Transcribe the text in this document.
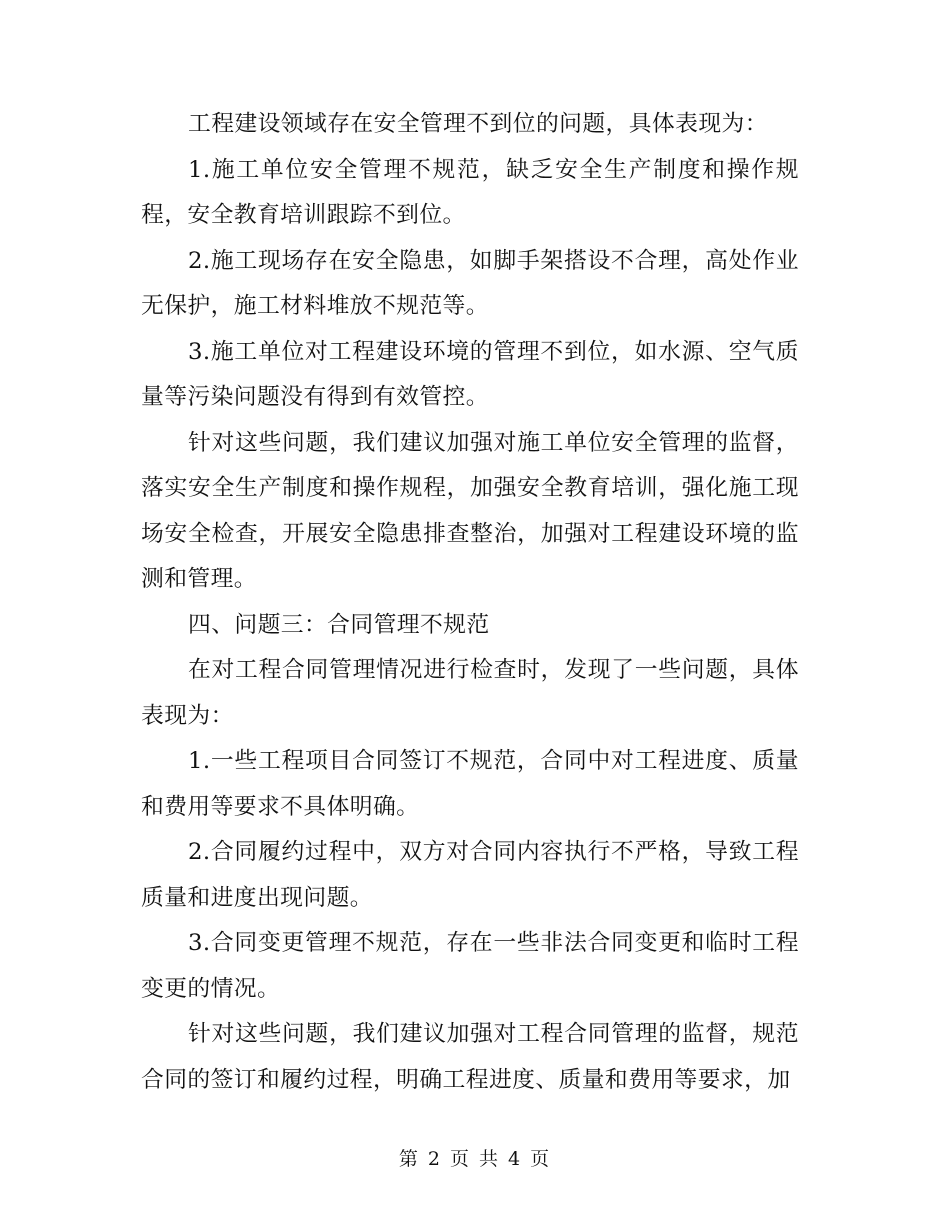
工程建设领域存在安全管理不到位的问题，具体表现为：

1.施工单位安全管理不规范，缺乏安全生产制度和操作规程，安全教育培训跟踪不到位。

2.施工现场存在安全隐患，如脚手架搭设不合理，高处作业无保护，施工材料堆放不规范等。

3.施工单位对工程建设环境的管理不到位，如水源、空气质量等污染问题没有得到有效管控。

针对这些问题，我们建议加强对施工单位安全管理的监督，落实安全生产制度和操作规程，加强安全教育培训，强化施工现场安全检查，开展安全隐患排查整治，加强对工程建设环境的监测和管理。

四、问题三：合同管理不规范

在对工程合同管理情况进行检查时，发现了一些问题，具体表现为：

1.一些工程项目合同签订不规范，合同中对工程进度、质量和费用等要求不具体明确。

2.合同履约过程中，双方对合同内容执行不严格，导致工程质量和进度出现问题。

3.合同变更管理不规范，存在一些非法合同变更和临时工程变更的情况。

针对这些问题，我们建议加强对工程合同管理的监督，规范合同的签订和履约过程，明确工程进度、质量和费用等要求，加

第 2 页 共 4 页
